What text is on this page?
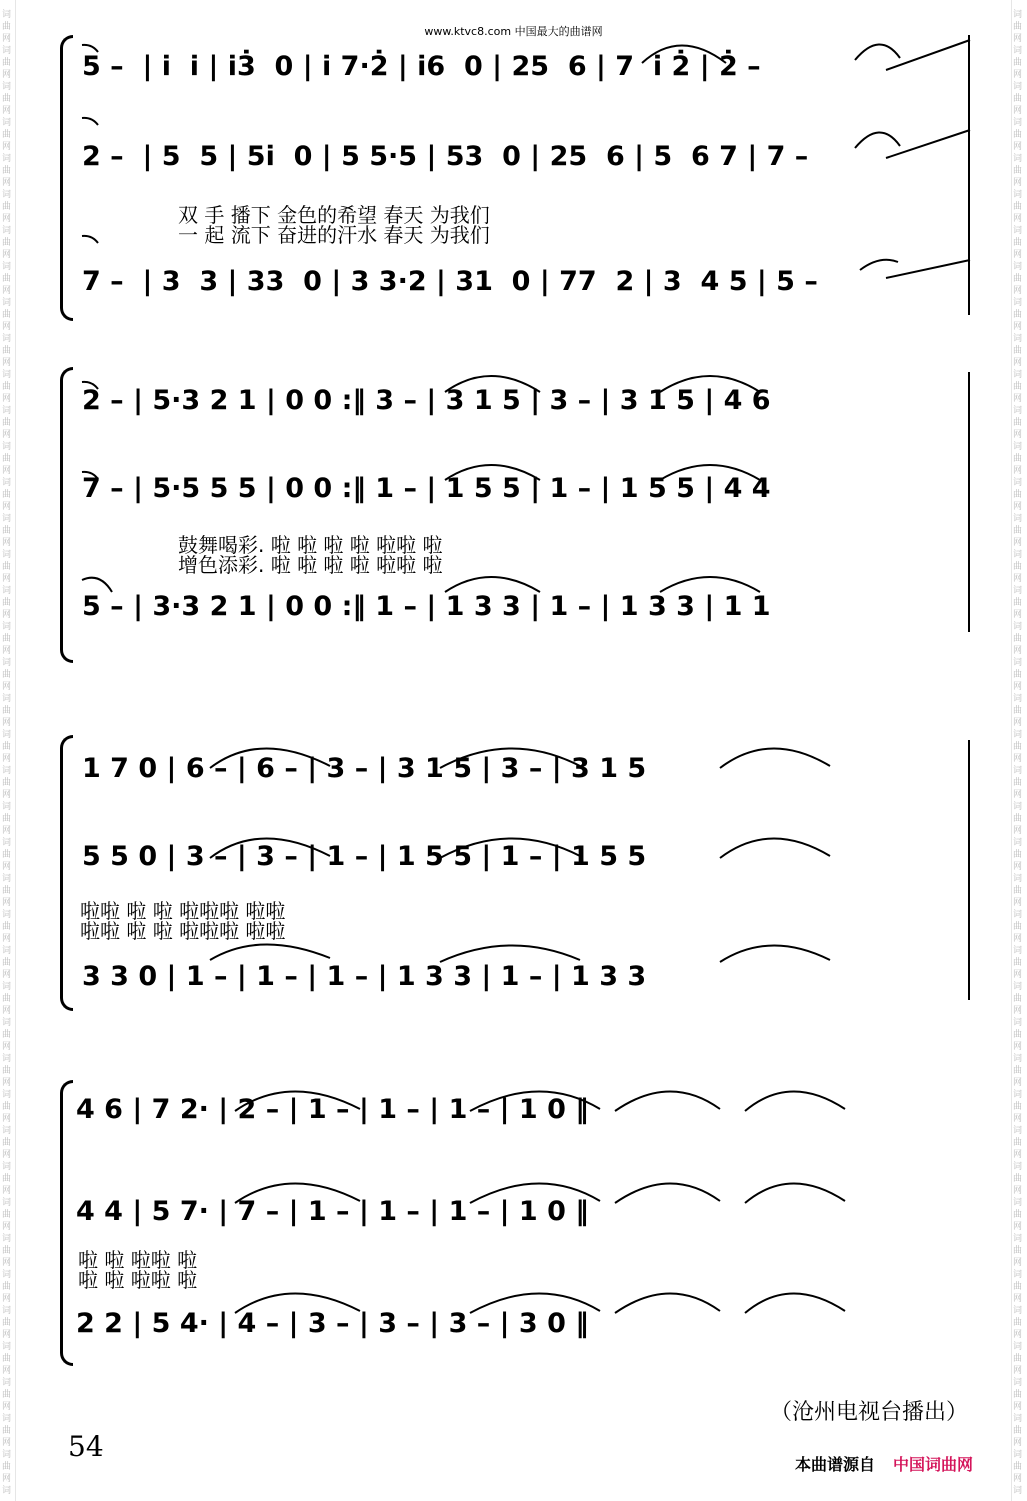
词
曲
网
词
曲
网
词
曲
网
词
曲
网
词
曲
网
词
曲
网
词
曲
网
词
曲
网
词
曲
网
词
曲
网
词
曲
网
词
曲
网
词
曲
网
词
曲
网
词
曲
网
词
曲
网
词
曲
网
词
曲
网
词
曲
网
词
曲
网
词
曲
网
词
曲
网
词
曲
网
词
曲
网
词
曲
网
词
曲
网
词
曲
网
词
曲
网
词
曲
网
词
曲
网
词
曲
网
词
曲
网
词
曲
网
词
曲
网
词
曲
网
词
曲
网
词
曲
网
词
曲
网
词
曲
网
词
曲
网
词
曲
网
词
词
曲
网
词
曲
网
词
曲
网
词
曲
网
词
曲
网
词
曲
网
词
曲
网
词
曲
网
词
曲
网
词
曲
网
词
曲
网
词
曲
网
词
曲
网
词
曲
网
词
曲
网
词
曲
网
词
曲
网
词
曲
网
词
曲
网
词
曲
网
词
曲
网
词
曲
网
词
曲
网
词
曲
网
词
曲
网
词
曲
网
词
曲
网
词
曲
网
词
曲
网
词
曲
网
词
曲
网
词
曲
网
词
曲
网
词
曲
网
词
曲
网
词
曲
网
词
曲
网
词
曲
网
词
曲
网
词
曲
网
词
曲
网
词
www.ktvc8.com 中国最大的曲谱网
5 –  | i̇  i̇ | i̇3̇  0 | i̇ 7·2̇ | i̇6  0 | 25  6 | 7  i̇ 2̇ | 2̇ –
2 –  | 5  5 | 5i̇  0 | 5 5·5 | 53  0 | 25  6 | 5  6 7 | 7 –
双 手 播下 金色的希望 春天 为我们
一 起 流下 奋进的汗水 春天 为我们
7 –  | 3  3 | 33  0 | 3 3·2 | 31  0 | 77  2 | 3  4 5 | 5 –
2 – | 5·3 2 1 | 0 0 :‖ 3 – | 3 1 5 | 3 – | 3 1 5 | 4 6
7 – | 5·5 5 5 | 0 0 :‖ 1 – | 1 5 5 | 1 – | 1 5 5 | 4 4
鼓舞喝彩. 啦 啦 啦 啦 啦啦 啦
增色添彩. 啦 啦 啦 啦 啦啦 啦
5 – | 3·3 2 1 | 0 0 :‖ 1 – | 1 3 3 | 1 – | 1 3 3 | 1 1
1 7 0 | 6 – | 6 – | 3 – | 3 1 5 | 3 – | 3 1 5
5 5 0 | 3 – | 3 – | 1 – | 1 5 5 | 1 – | 1 5 5
啦啦 啦 啦 啦啦啦 啦啦
啦啦 啦 啦 啦啦啦 啦啦
3 3 0 | 1 – | 1 – | 1 – | 1 3 3 | 1 – | 1 3 3
4 6 | 7 2· | 2 – | 1 – | 1 – | 1 – | 1 0 ‖
4 4 | 5 7· | 7 – | 1 – | 1 – | 1 – | 1 0 ‖
啦 啦 啦啦 啦
啦 啦 啦啦 啦
2 2 | 5 4· | 4 – | 3 – | 3 – | 3 – | 3 0 ‖
（沧州电视台播出）
54
本曲谱源自 中国词曲网
